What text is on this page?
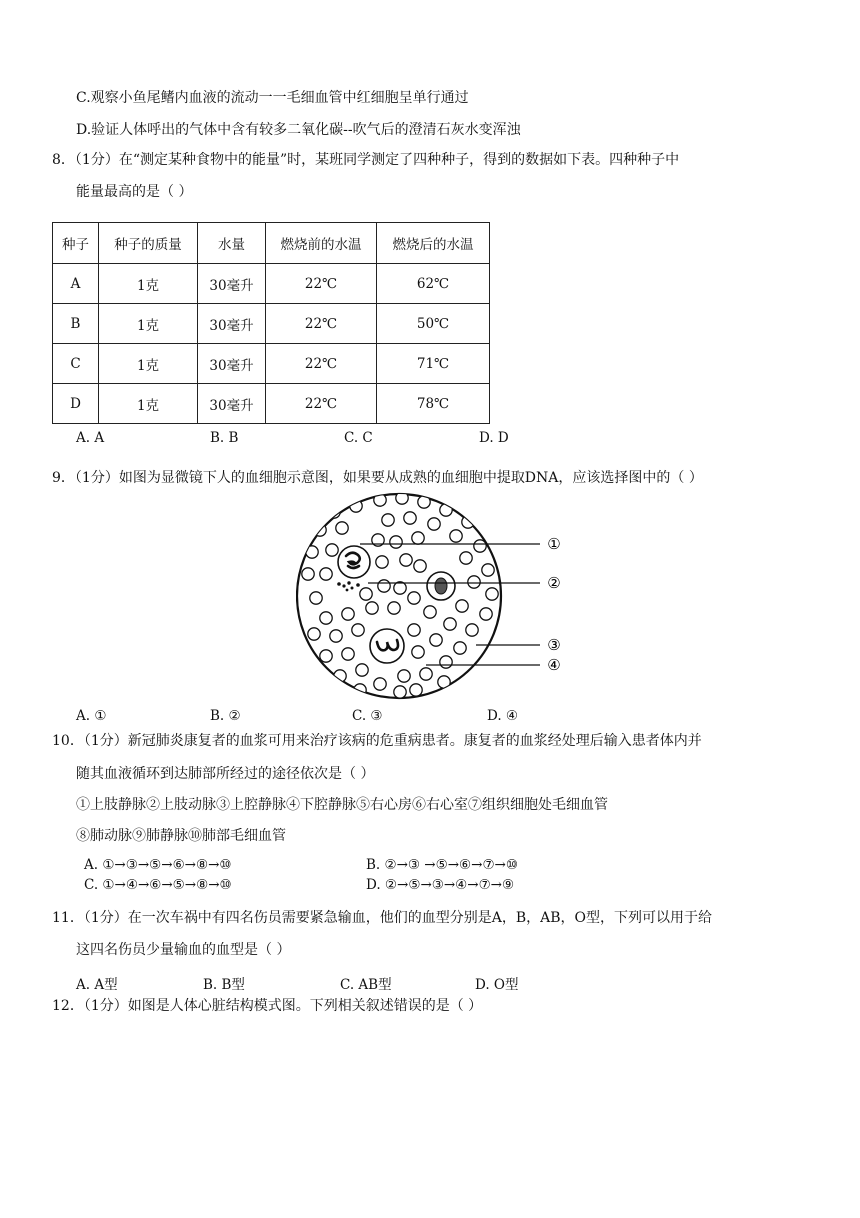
C.观察小鱼尾鳍内血液的流动一一毛细血管中红细胞呈单行通过
D.验证人体呼出的气体中含有较多二氧化碳--吹气后的澄清石灰水变浑浊
8．（1分）在“测定某种食物中的能量”时，某班同学测定了四种种子，得到的数据如下表。四种种子中
能量最高的是（ ）
种子	种子的质量	水量	燃烧前的水温	燃烧后的水温
A	1克	30毫升	22℃	62℃
B	1克	30毫升	22℃	50℃
C	1克	30毫升	22℃	71℃
D	1克	30毫升	22℃	78℃
A. A	B. B	C. C	D. D
9．（1分）如图为显微镜下人的血细胞示意图，如果要从成熟的血细胞中提取DNA，应该选择图中的（ ）
①
②
③
④
A. ①	B. ②	C. ③	D. ④
10．（1分）新冠肺炎康复者的血浆可用来治疗该病的危重病患者。康复者的血浆经处理后输入患者体内并
随其血液循环到达肺部所经过的途径依次是（ ）
①上肢静脉②上肢动脉③上腔静脉④下腔静脉⑤右心房⑥右心室⑦组织细胞处毛细血管
⑧肺动脉⑨肺静脉⑩肺部毛细血管
A. ①→③→⑤→⑥→⑧→⑩	B. ②→③ →⑤→⑥→⑦→⑩
C. ①→④→⑥→⑤→⑧→⑩	D. ②→⑤→③→④→⑦→⑨
11．（1分）在一次车祸中有四名伤员需要紧急输血，他们的血型分别是A，B，AB，O型，下列可以用于给
这四名伤员少量输血的血型是（ ）
A. A型	B. B型	C. AB型	D. O型
12．（1分）如图是人体心脏结构模式图。下列相关叙述错误的是（ ）
